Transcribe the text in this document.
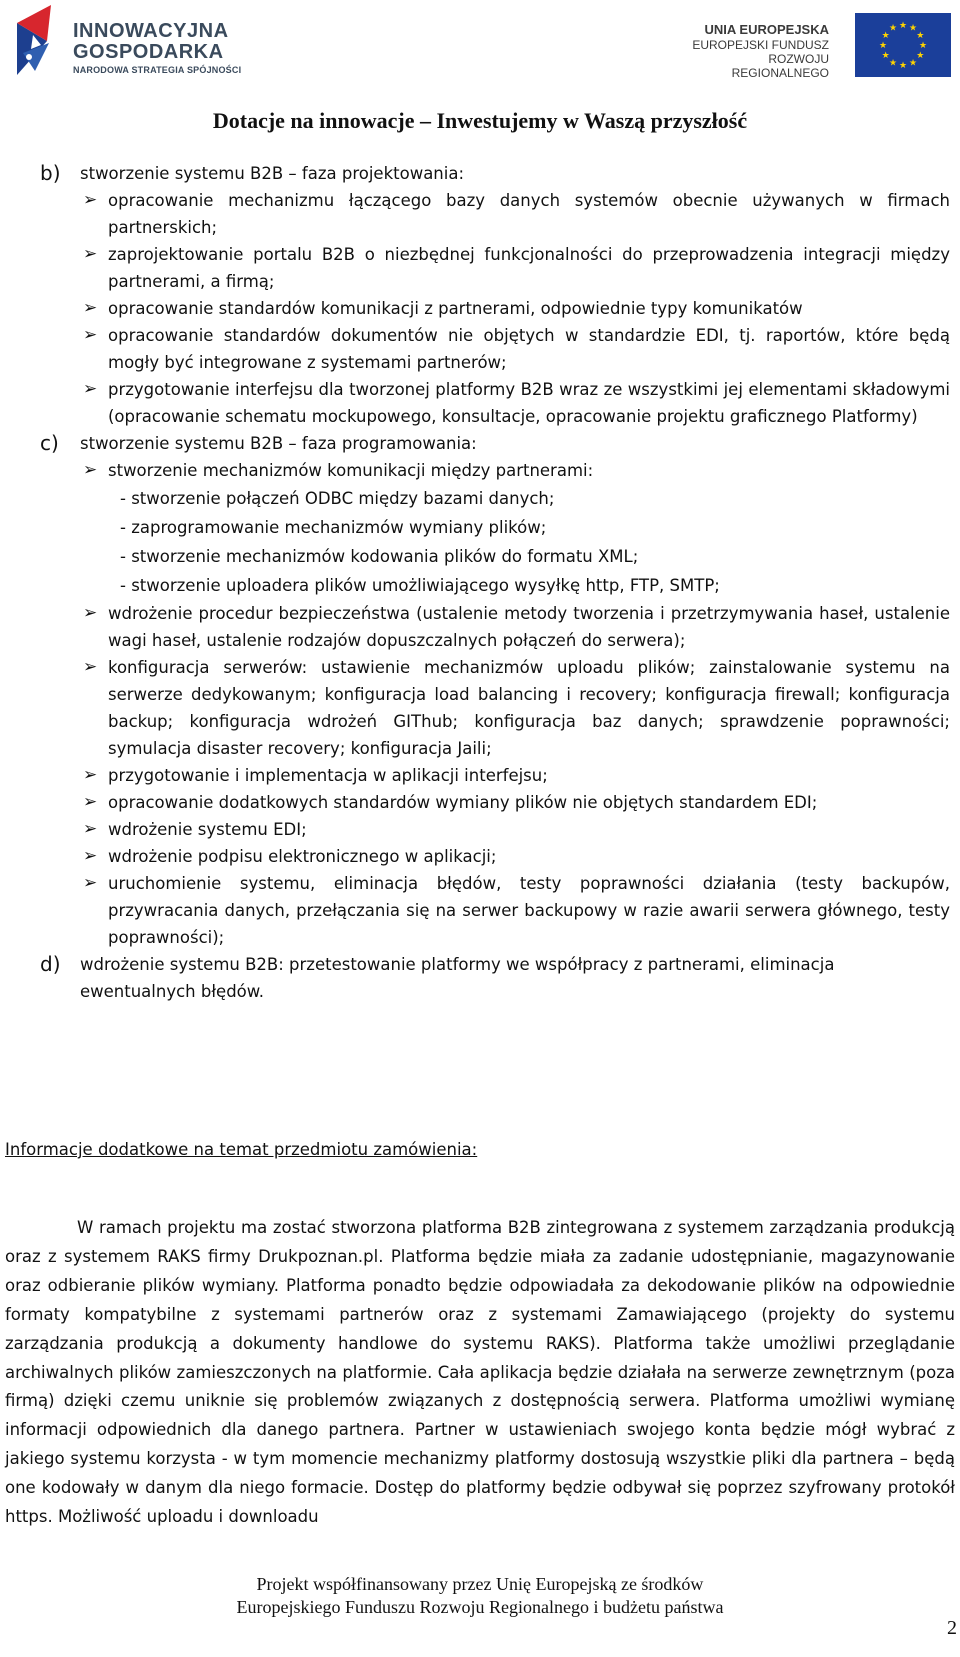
INNOWACYJNA
GOSPODARKA
NARODOWA STRATEGIA SPÓJNOŚCI
UNIA EUROPEJSKA
EUROPEJSKI FUNDUSZ
ROZWOJU REGIONALNEGO
★
★
★
★
★
★
★
★
★ ★ ★
★
Dotacje na innowacje – Inwestujemy w Waszą przyszłość
b) stworzenie systemu B2B – faza projektowania:
➢ opracowanie mechanizmu łączącego bazy danych systemów obecnie używanych w firmach partnerskich;
➢ zaprojektowanie portalu B2B o niezbędnej funkcjonalności do przeprowadzenia integracji między partnerami, a firmą;
➢ opracowanie standardów komunikacji z partnerami, odpowiednie typy komunikatów
➢ opracowanie standardów dokumentów nie objętych w standardzie EDI, tj. raportów, które będą mogły być integrowane z systemami partnerów;
➢ przygotowanie interfejsu dla tworzonej platformy B2B wraz ze wszystkimi jej elementami składowymi (opracowanie schematu mockupowego, konsultacje, opracowanie projektu graficznego Platformy)
c) stworzenie systemu B2B – faza programowania:
➢ stworzenie mechanizmów komunikacji między partnerami:
- stworzenie połączeń ODBC między bazami danych;
- zaprogramowanie mechanizmów wymiany plików;
- stworzenie mechanizmów kodowania plików do formatu XML;
- stworzenie uploadera plików umożliwiającego wysyłkę http, FTP, SMTP;
➢ wdrożenie procedur bezpieczeństwa (ustalenie metody tworzenia i przetrzymywania haseł, ustalenie wagi haseł, ustalenie rodzajów dopuszczalnych połączeń do serwera);
➢ konfiguracja serwerów: ustawienie mechanizmów uploadu plików; zainstalowanie systemu na serwerze dedykowanym; konfiguracja load balancing i recovery; konfiguracja firewall; konfiguracja backup; konfiguracja wdrożeń GIThub; konfiguracja baz danych; sprawdzenie poprawności; symulacja disaster recovery; konfiguracja Jaili;
➢ przygotowanie i implementacja w aplikacji interfejsu;
➢ opracowanie dodatkowych standardów wymiany plików nie objętych standardem EDI;
➢ wdrożenie systemu EDI;
➢ wdrożenie podpisu elektronicznego w aplikacji;
➢ uruchomienie systemu, eliminacja błędów, testy poprawności działania (testy backupów, przywracania danych, przełączania się na serwer backupowy w razie awarii serwera głównego, testy poprawności);
d) wdrożenie systemu B2B: przetestowanie platformy we współpracy z partnerami, eliminacja ewentualnych błędów.
Informacje dodatkowe na temat przedmiotu zamówienia:
W ramach projektu ma zostać stworzona platforma B2B zintegrowana z systemem zarządzania produkcją oraz z systemem RAKS firmy Drukpoznan.pl. Platforma będzie miała za zadanie udostępnianie, magazynowanie oraz odbieranie plików wymiany. Platforma ponadto będzie odpowiadała za dekodowanie plików na odpowiednie formaty kompatybilne z systemami partnerów oraz z systemami Zamawiającego (projekty do systemu zarządzania produkcją a dokumenty handlowe do systemu RAKS). Platforma także umożliwi przeglądanie archiwalnych plików zamieszczonych na platformie. Cała aplikacja będzie działała na serwerze zewnętrznym (poza firmą) dzięki czemu uniknie się problemów związanych z dostępnością serwera. Platforma umożliwi wymianę informacji odpowiednich dla danego partnera. Partner w ustawieniach swojego konta będzie mógł wybrać z jakiego systemu korzysta - w tym momencie mechanizmy platformy dostosują wszystkie pliki dla partnera – będą one kodowały w danym dla niego formacie. Dostęp do platformy będzie odbywał się poprzez szyfrowany protokół https. Możliwość uploadu i downloadu
Projekt współfinansowany przez Unię Europejską ze środków
Europejskiego Funduszu Rozwoju Regionalnego i budżetu państwa
2
